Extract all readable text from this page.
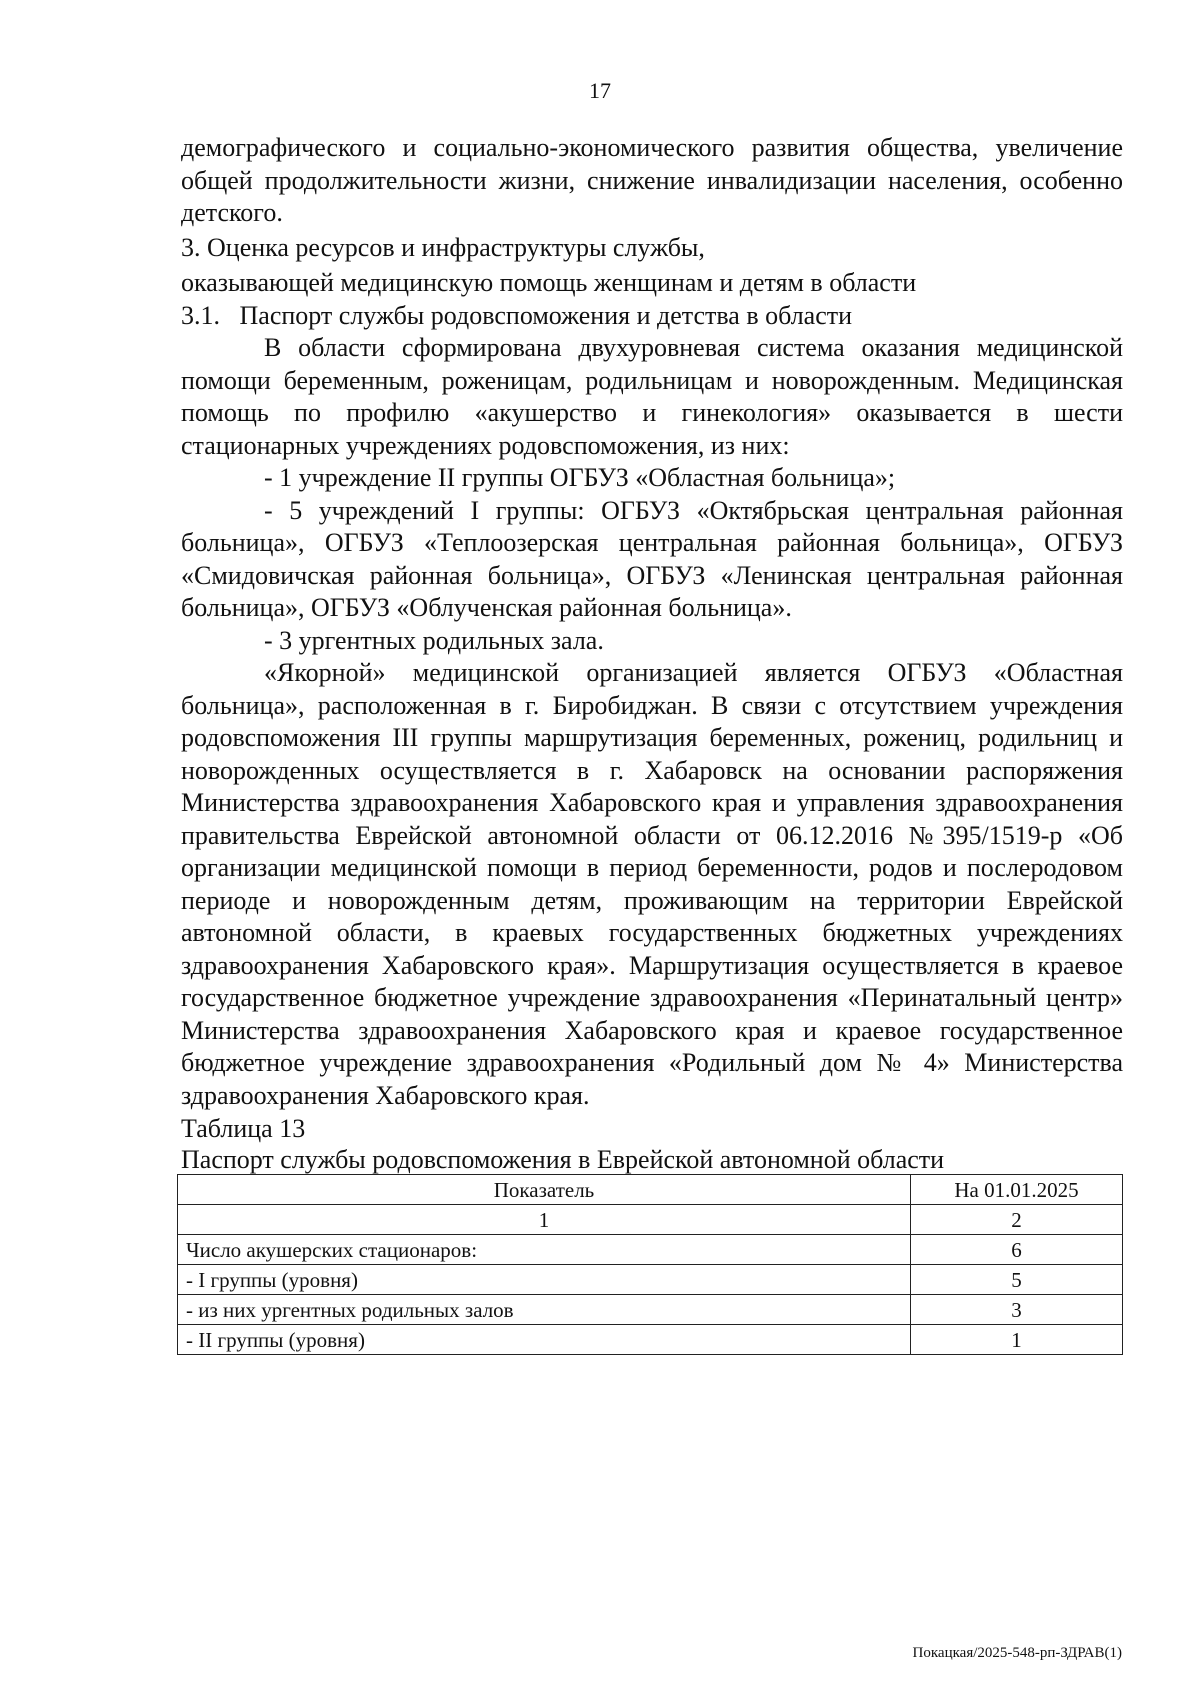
17

демографического и социально-экономического развития общества, увеличение общей продолжительности жизни, снижение инвалидизации населения, особенно детского.

3. Оценка ресурсов и инфраструктуры службы,
оказывающей медицинскую помощь женщинам и детям в области

3.1.   Паспорт службы родовспоможения и детства в области

В области сформирована двухуровневая система оказания медицинской помощи беременным, роженицам, родильницам и новорожденным. Медицинская помощь по профилю «акушерство и гинекология» оказывается в шести стационарных учреждениях родовспоможения, из них:

- 1 учреждение II группы ОГБУЗ «Областная больница»;

- 5 учреждений I группы: ОГБУЗ «Октябрьская центральная районная больница», ОГБУЗ «Теплоозерская центральная районная больница», ОГБУЗ «Смидовичская районная больница», ОГБУЗ «Ленинская центральная районная больница», ОГБУЗ «Облученская районная больница».

- 3 ургентных родильных зала.

«Якорной» медицинской организацией является ОГБУЗ «Областная больница», расположенная в г. Биробиджан. В связи с отсутствием учреждения родовспоможения III группы маршрутизация беременных, рожениц, родильниц и новорожденных осуществляется в г. Хабаровск на основании распоряжения Министерства здравоохранения Хабаровского края и управления здравоохранения правительства Еврейской автономной области от 06.12.2016 №395/1519-р «Об организации медицинской помощи в период беременности, родов и послеродовом периоде и новорожденным детям, проживающим на территории Еврейской автономной области, в краевых государственных бюджетных учреждениях здравоохранения Хабаровского края». Маршрутизация осуществляется в краевое государственное бюджетное учреждение здравоохранения «Перинатальный центр» Министерства здравоохранения Хабаровского края и краевое государственное бюджетное учреждение здравоохранения «Родильный дом № 4» Министерства здравоохранения Хабаровского края.

Таблица 13

Паспорт службы родовспоможения в Еврейской автономной области

Показатель	На 01.01.2025
1	2
Число акушерских стационаров:	6
- I группы (уровня)	5
- из них ургентных родильных залов	3
- II группы (уровня)	1
Покацкая/2025-548-рп-ЗДРАВ(1)
